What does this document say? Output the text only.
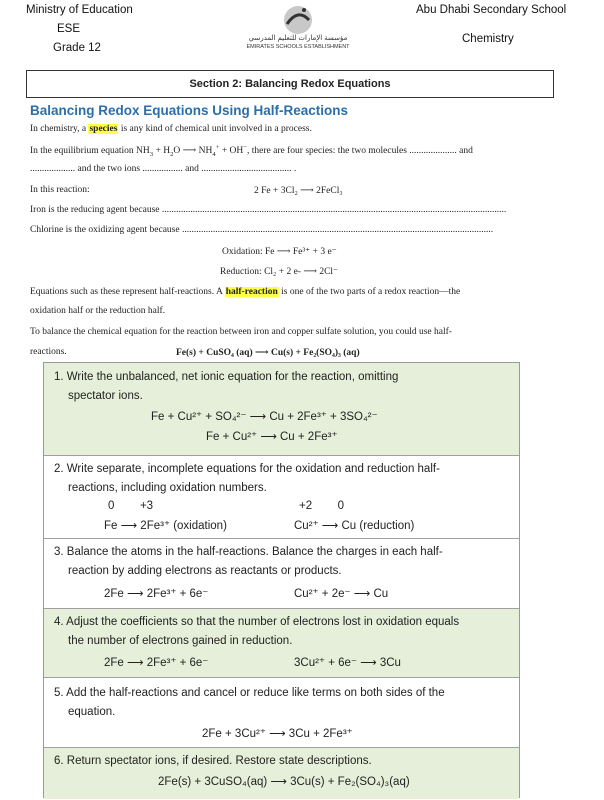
Ministry of Education
ESE
Grade 12
Abu Dhabi Secondary School
Chemistry
مؤسسة الإمارات للتعليم المدرسي
EMIRATES SCHOOLS ESTABLISHMENT
Section 2: Balancing Redox Equations
Balancing Redox Equations Using Half-Reactions
In chemistry, a species is any kind of chemical unit involved in a process.
In the equilibrium equation $NH_3 + H_2O$ ⟶ $NH_4^+ + OH^-$, there are four species: the two molecules .................... and
................... and the two ions ................. and ...................................... .
In this reaction:	2 Fe + 3Cl₂ ⟶ 2FeCl₃
Iron is the reducing agent because .................................................................................................................................................
Chlorine is the oxidizing agent because ...................................................................................................................................
Oxidation: Fe ⟶ Fe³⁺ + 3 e⁻
Reduction: Cl₂ + 2 e- ⟶ 2Cl⁻
Equations such as these represent half-reactions. A half-reaction is one of the two parts of a redox reaction—the
oxidation half or the reduction half.
To balance the chemical equation for the reaction between iron and copper sulfate solution, you could use half-
reactions.	Fe(s) + CuSO₄ (aq) ⟶ Cu(s) + Fe₂(SO₄)₃ (aq)
1. Write the unbalanced, net ionic equation for the reaction, omitting
spectator ions.
Fe + Cu²⁺ + SO₄²⁻ ⟶ Cu + 2Fe³⁺ + 3SO₄²⁻
Fe + Cu²⁺ ⟶ Cu + 2Fe³⁺
2. Write separate, incomplete equations for the oxidation and reduction half-
reactions, including oxidation numbers.
0        +3	+2        0
Fe ⟶ 2Fe³⁺ (oxidation)	Cu²⁺ ⟶ Cu (reduction)
3. Balance the atoms in the half-reactions. Balance the charges in each half-
reaction by adding electrons as reactants or products.
2Fe ⟶ 2Fe³⁺ + 6e⁻	Cu²⁺ + 2e⁻ ⟶ Cu
4. Adjust the coefficients so that the number of electrons lost in oxidation equals
the number of electrons gained in reduction.
2Fe ⟶ 2Fe³⁺ + 6e⁻	3Cu²⁺ + 6e⁻ ⟶ 3Cu
5. Add the half-reactions and cancel or reduce like terms on both sides of the
equation.
2Fe + 3Cu²⁺ ⟶ 3Cu + 2Fe³⁺
6. Return spectator ions, if desired. Restore state descriptions.
2Fe(s) + 3CuSO₄(aq) ⟶ 3Cu(s) + Fe₂(SO₄)₃(aq)
